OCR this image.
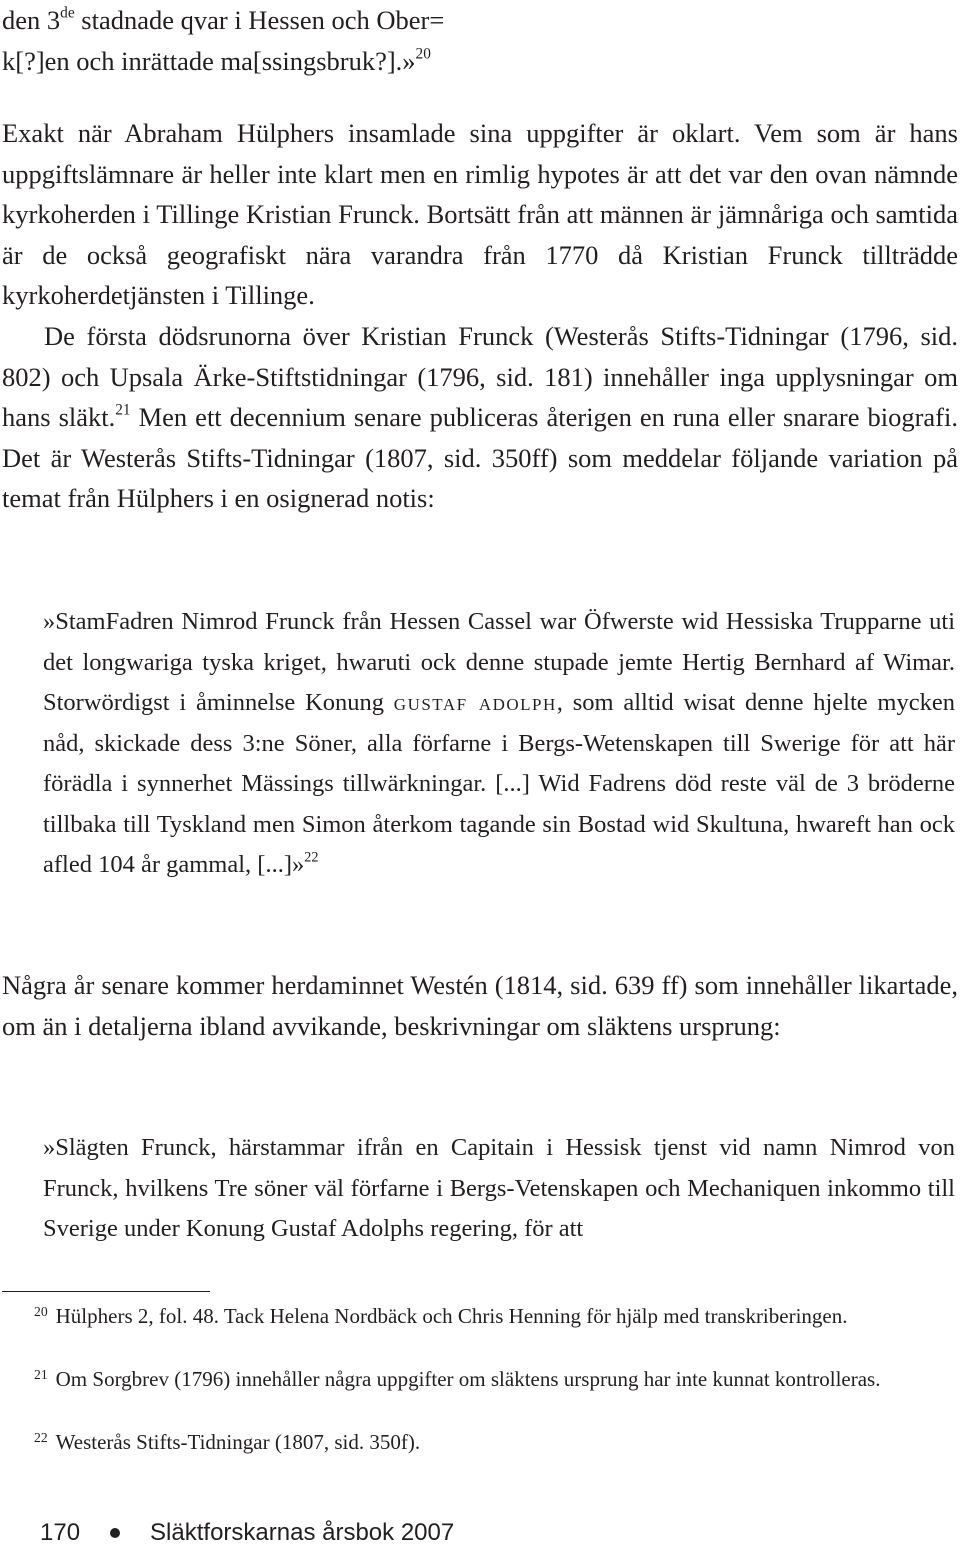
den 3de stadnade qvar i Hessen och Ober=
k[?]en och inrättade ma[ssingsbruk?].»$^{20}$

Exakt när Abraham Hülphers insamlade sina uppgifter är oklart. Vem som är hans uppgiftslämnare är heller inte klart men en rimlig hypotes är att det var den ovan nämnde kyrkoherden i Tillinge Kristian Frunck. Bortsätt från att männen är jämnåriga och samtida är de också geografiskt nära varandra från 1770 då Kristian Frunck tillträdde kyrkoherdetjänsten i Tillinge.

De första dödsrunorna över Kristian Frunck (Westerås Stifts-Tidningar (1796, sid. 802) och Upsala Ärke-Stiftstidningar (1796, sid. 181) innehåller inga upplysningar om hans släkt.$^{21}$ Men ett decennium senare publiceras återigen en runa eller snarare biografi. Det är Westerås Stifts-Tidningar (1807, sid. 350ff) som meddelar följande variation på temat från Hülphers i en osignerad notis:

»StamFadren Nimrod Frunck från Hessen Cassel war Öfwerste wid Hessiska Trupparne uti det longwariga tyska kriget, hwaruti ock denne stupade jemte Hertig Bernhard af Wimar. Storwördigst i åminnelse Konung gustaf adolph, som alltid wisat denne hjelte mycken nåd, skickade dess 3:ne Söner, alla förfarne i Bergs-Wetenskapen till Swerige för att här förädla i synnerhet Mässings tillwärkningar. [...] Wid Fadrens död reste väl de 3 bröderne tillbaka till Tyskland men Simon återkom tagande sin Bostad wid Skultuna, hwareft han ock afled 104 år gammal, [...]»$^{22}$

Några år senare kommer herdaminnet Westén (1814, sid. 639 ff) som innehåller likartade, om än i detaljerna ibland avvikande, beskrivningar om släktens ursprung:

»Slägten Frunck, härstammar ifrån en Capitain i Hessisk tjenst vid namn Nimrod von Frunck, hvilkens Tre söner väl förfarne i Bergs-Vetenskapen och Mechaniquen inkommo till Sverige under Konung Gustaf Adolphs regering, för att

$^{20}$ Hülphers 2, fol. 48. Tack Helena Nordbäck och Chris Henning för hjälp med transkriberingen.

$^{21}$ Om Sorgbrev (1796) innehåller några uppgifter om släktens ursprung har inte kunnat kontrolleras.

$^{22}$ Westerås Stifts-Tidningar (1807, sid. 350f).

170	Släktforskarnas årsbok 2007
